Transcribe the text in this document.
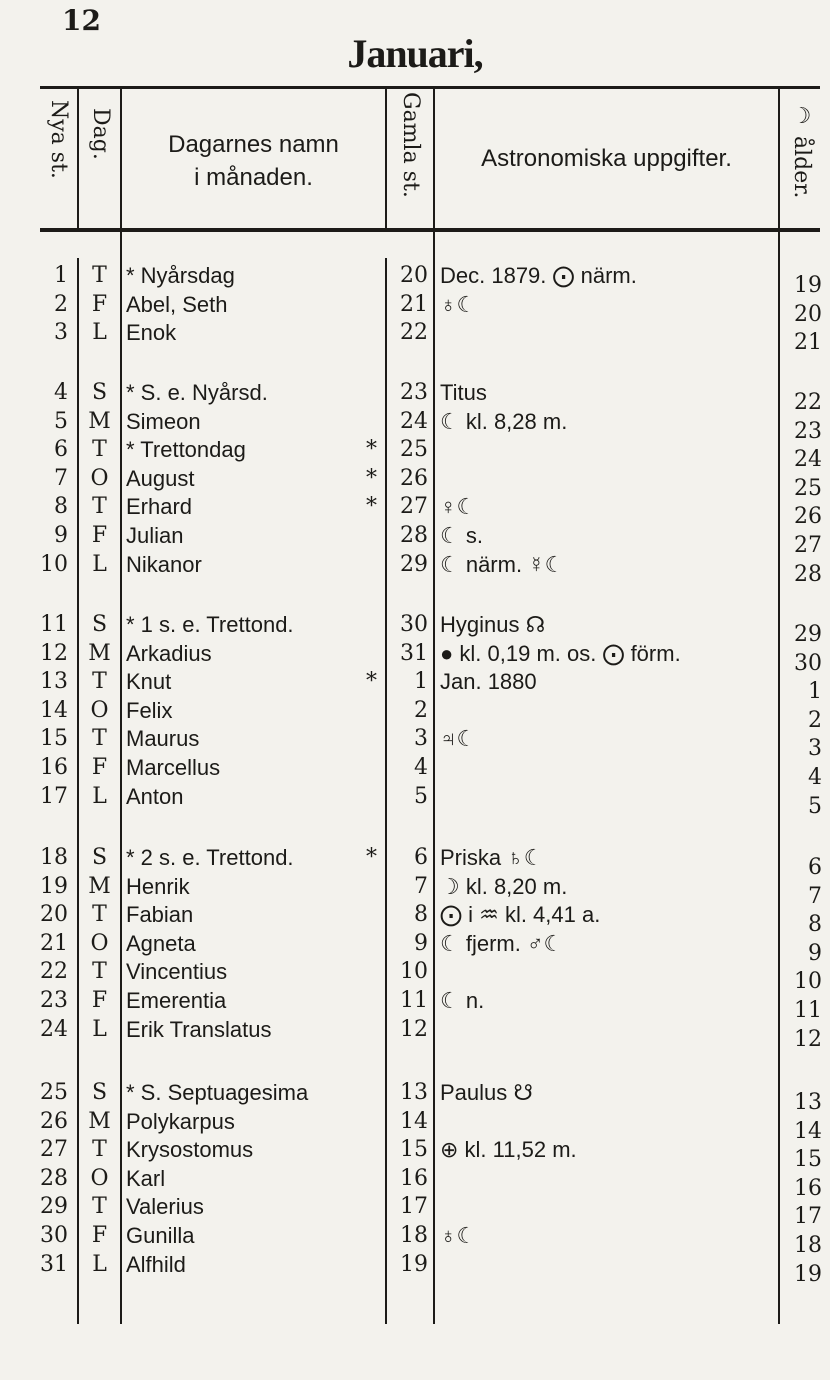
12
Januari,
Nya st. Dag.	Dagarnes namn
i månaden.	Gamla st.	Astronomiska uppgifter.	☽ ålder.
1	T * Nyårsdag	20 Dec. 1879. ⨀ närm.	19
2	F Abel, Seth	21 ♁☾	20
3	L Enok	22	21
4	S * S. e. Nyårsd.	23 Titus	22
5 M Simeon	24 ☾ kl. 8,28 m.	23
6	T * Trettondag	*	25	24
7	O August	*	26	25
8	T Erhard	*	27 ♀☾	26
9	F Julian	28 ☾ s.	27
10	L Nikanor	29 ☾ närm. ☿☾	28
11	S * 1 s. e. Trettond.	30 Hyginus ☊	29
12 M Arkadius	31 ● kl. 0,19 m. os. ⨀ förm.	30
13	T Knut	*	1 Jan. 1880	1
14	O Felix	2	2
15	T Maurus	3 ♃☾	3
16	F Marcellus	4	4
17	L Anton	5	5
18	S * 2 s. e. Trettond.	*	6 Priska ♄☾	6
19 M Henrik	7 ☽ kl. 8,20 m.	7
20	T Fabian	8 ⨀ i ♒ kl. 4,41 a.	8
21	O Agneta	9 ☾ fjerm. ♂☾	9
22	T Vincentius	10	10
23	F Emerentia	11 ☾ n.	11
24	L Erik Translatus	12	12
25	S * S. Septuagesima	13 Paulus ☋	13
26 M Polykarpus	14	14
27	T Krysostomus	15 ⊕ kl. 11,52 m.	15
28	O Karl	16	16
29	T Valerius	17	17
30	F Gunilla	18 ♁☾	18
31	L Alfhild	19	19
